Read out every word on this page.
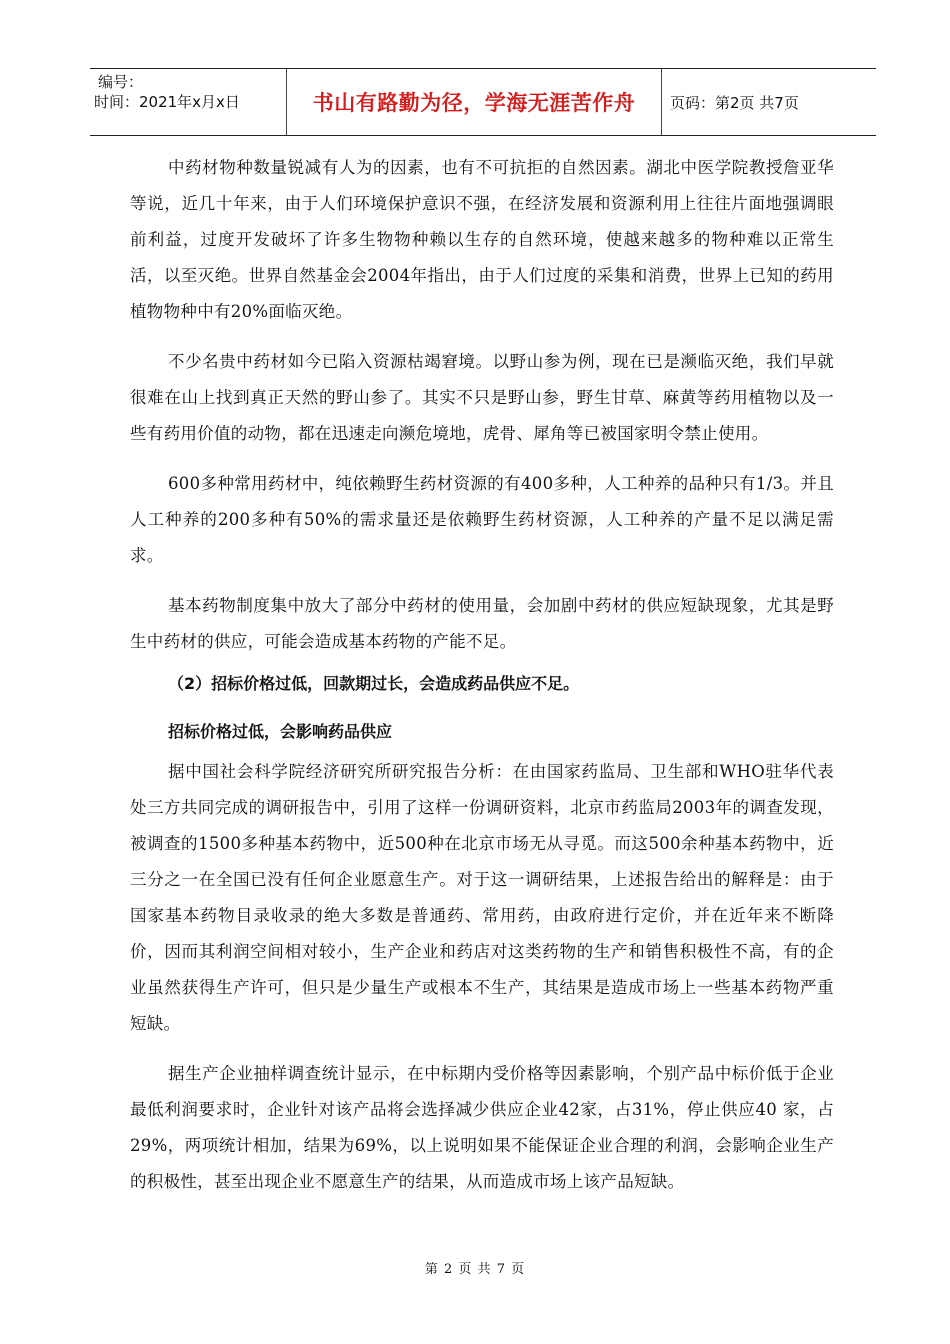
编号：
时间：2021年x月x日	书山有路勤为径，学海无涯苦作舟 页码：第2页 共7页

中药材物种数量锐减有人为的因素，也有不可抗拒的自然因素。湖北中医学院教授詹亚华等说，近几十年来，由于人们环境保护意识不强，在经济发展和资源利用上往往片面地强调眼前利益，过度开发破坏了许多生物物种赖以生存的自然环境，使越来越多的物种难以正常生活，以至灭绝。世界自然基金会2004年指出，由于人们过度的采集和消费，世界上已知的药用植物物种中有20%面临灭绝。

不少名贵中药材如今已陷入资源枯竭窘境。以野山参为例，现在已是濒临灭绝，我们早就很难在山上找到真正天然的野山参了。其实不只是野山参，野生甘草、麻黄等药用植物以及一些有药用价值的动物，都在迅速走向濒危境地，虎骨、犀角等已被国家明令禁止使用。

600多种常用药材中，纯依赖野生药材资源的有400多种，人工种养的品种只有1/3。并且人工种养的200多种有50%的需求量还是依赖野生药材资源，人工种养的产量不足以满足需求。

基本药物制度集中放大了部分中药材的使用量，会加剧中药材的供应短缺现象，尤其是野生中药材的供应，可能会造成基本药物的产能不足。

（2）招标价格过低，回款期过长，会造成药品供应不足。

招标价格过低，会影响药品供应

据中国社会科学院经济研究所研究报告分析：在由国家药监局、卫生部和WHO驻华代表处三方共同完成的调研报告中，引用了这样一份调研资料，北京市药监局2003年的调查发现，被调查的1500多种基本药物中，近500种在北京市场无从寻觅。而这500余种基本药物中，近三分之一在全国已没有任何企业愿意生产。对于这一调研结果，上述报告给出的解释是：由于国家基本药物目录收录的绝大多数是普通药、常用药，由政府进行定价，并在近年来不断降价，因而其利润空间相对较小，生产企业和药店对这类药物的生产和销售积极性不高，有的企业虽然获得生产许可，但只是少量生产或根本不生产，其结果是造成市场上一些基本药物严重短缺。

据生产企业抽样调查统计显示，在中标期内受价格等因素影响，个别产品中标价低于企业最低利润要求时，企业针对该产品将会选择减少供应企业42家，占31%，停止供应40 家，占29%，两项统计相加，结果为69%，以上说明如果不能保证企业合理的利润，会影响企业生产的积极性，甚至出现企业不愿意生产的结果，从而造成市场上该产品短缺。

第 2 页 共 7 页
